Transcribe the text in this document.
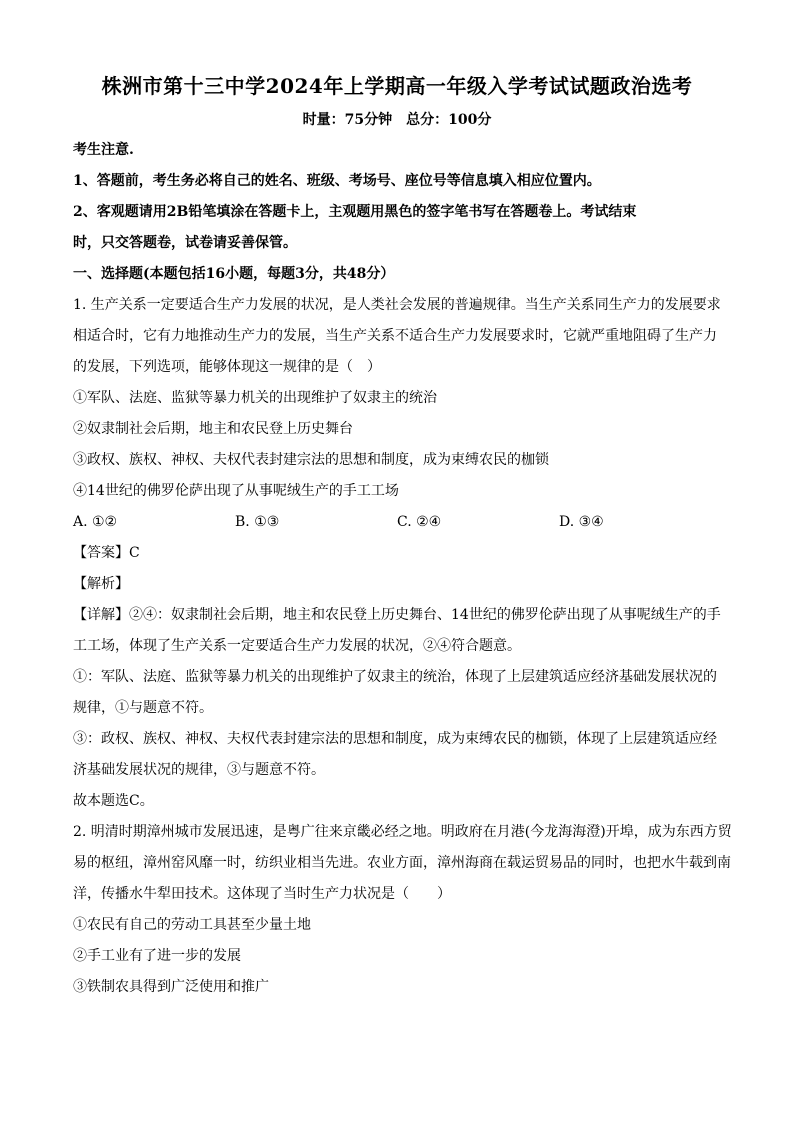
株洲市第十三中学2024年上学期高一年级入学考试试题政治选考
时量：75分钟　总分：100分
考生注意.
1、答题前，考生务必将自己的姓名、班级、考场号、座位号等信息填入相应位置内。
2、客观题请用2B铅笔填涂在答题卡上，主观题用黑色的签字笔书写在答题卷上。考试结束
时，只交答题卷，试卷请妥善保管。
一、选择题(本题包括16小题，每题3分，共48分）
1. 生产关系一定要适合生产力发展的状况，是人类社会发展的普遍规律。当生产关系同生产力的发展要求
相适合时，它有力地推动生产力的发展，当生产关系不适合生产力发展要求时，它就严重地阻碍了生产力
的发展，下列选项，能够体现这一规律的是（　）
①军队、法庭、监狱等暴力机关的出现维护了奴隶主的统治
②奴隶制社会后期，地主和农民登上历史舞台
③政权、族权、神权、夫权代表封建宗法的思想和制度，成为束缚农民的枷锁
④14世纪的佛罗伦萨出现了从事呢绒生产的手工工场
A. ①②	B. ①③	C. ②④	D. ③④
【答案】C
【解析】
【详解】②④：奴隶制社会后期，地主和农民登上历史舞台、14世纪的佛罗伦萨出现了从事呢绒生产的手
工工场，体现了生产关系一定要适合生产力发展的状况，②④符合题意。
①：军队、法庭、监狱等暴力机关的出现维护了奴隶主的统治，体现了上层建筑适应经济基础发展状况的
规律，①与题意不符。
③：政权、族权、神权、夫权代表封建宗法的思想和制度，成为束缚农民的枷锁，体现了上层建筑适应经
济基础发展状况的规律，③与题意不符。
故本题选C。
2. 明清时期漳州城市发展迅速，是粤广往来京畿必经之地。明政府在月港(今龙海海澄)开埠，成为东西方贸
易的枢纽，漳州窑风靡一时，纺织业相当先进。农业方面，漳州海商在载运贸易品的同时，也把水牛载到南
洋，传播水牛犁田技术。这体现了当时生产力状况是（　　）
①农民有自己的劳动工具甚至少量土地
②手工业有了进一步的发展
③铁制农具得到广泛使用和推广
